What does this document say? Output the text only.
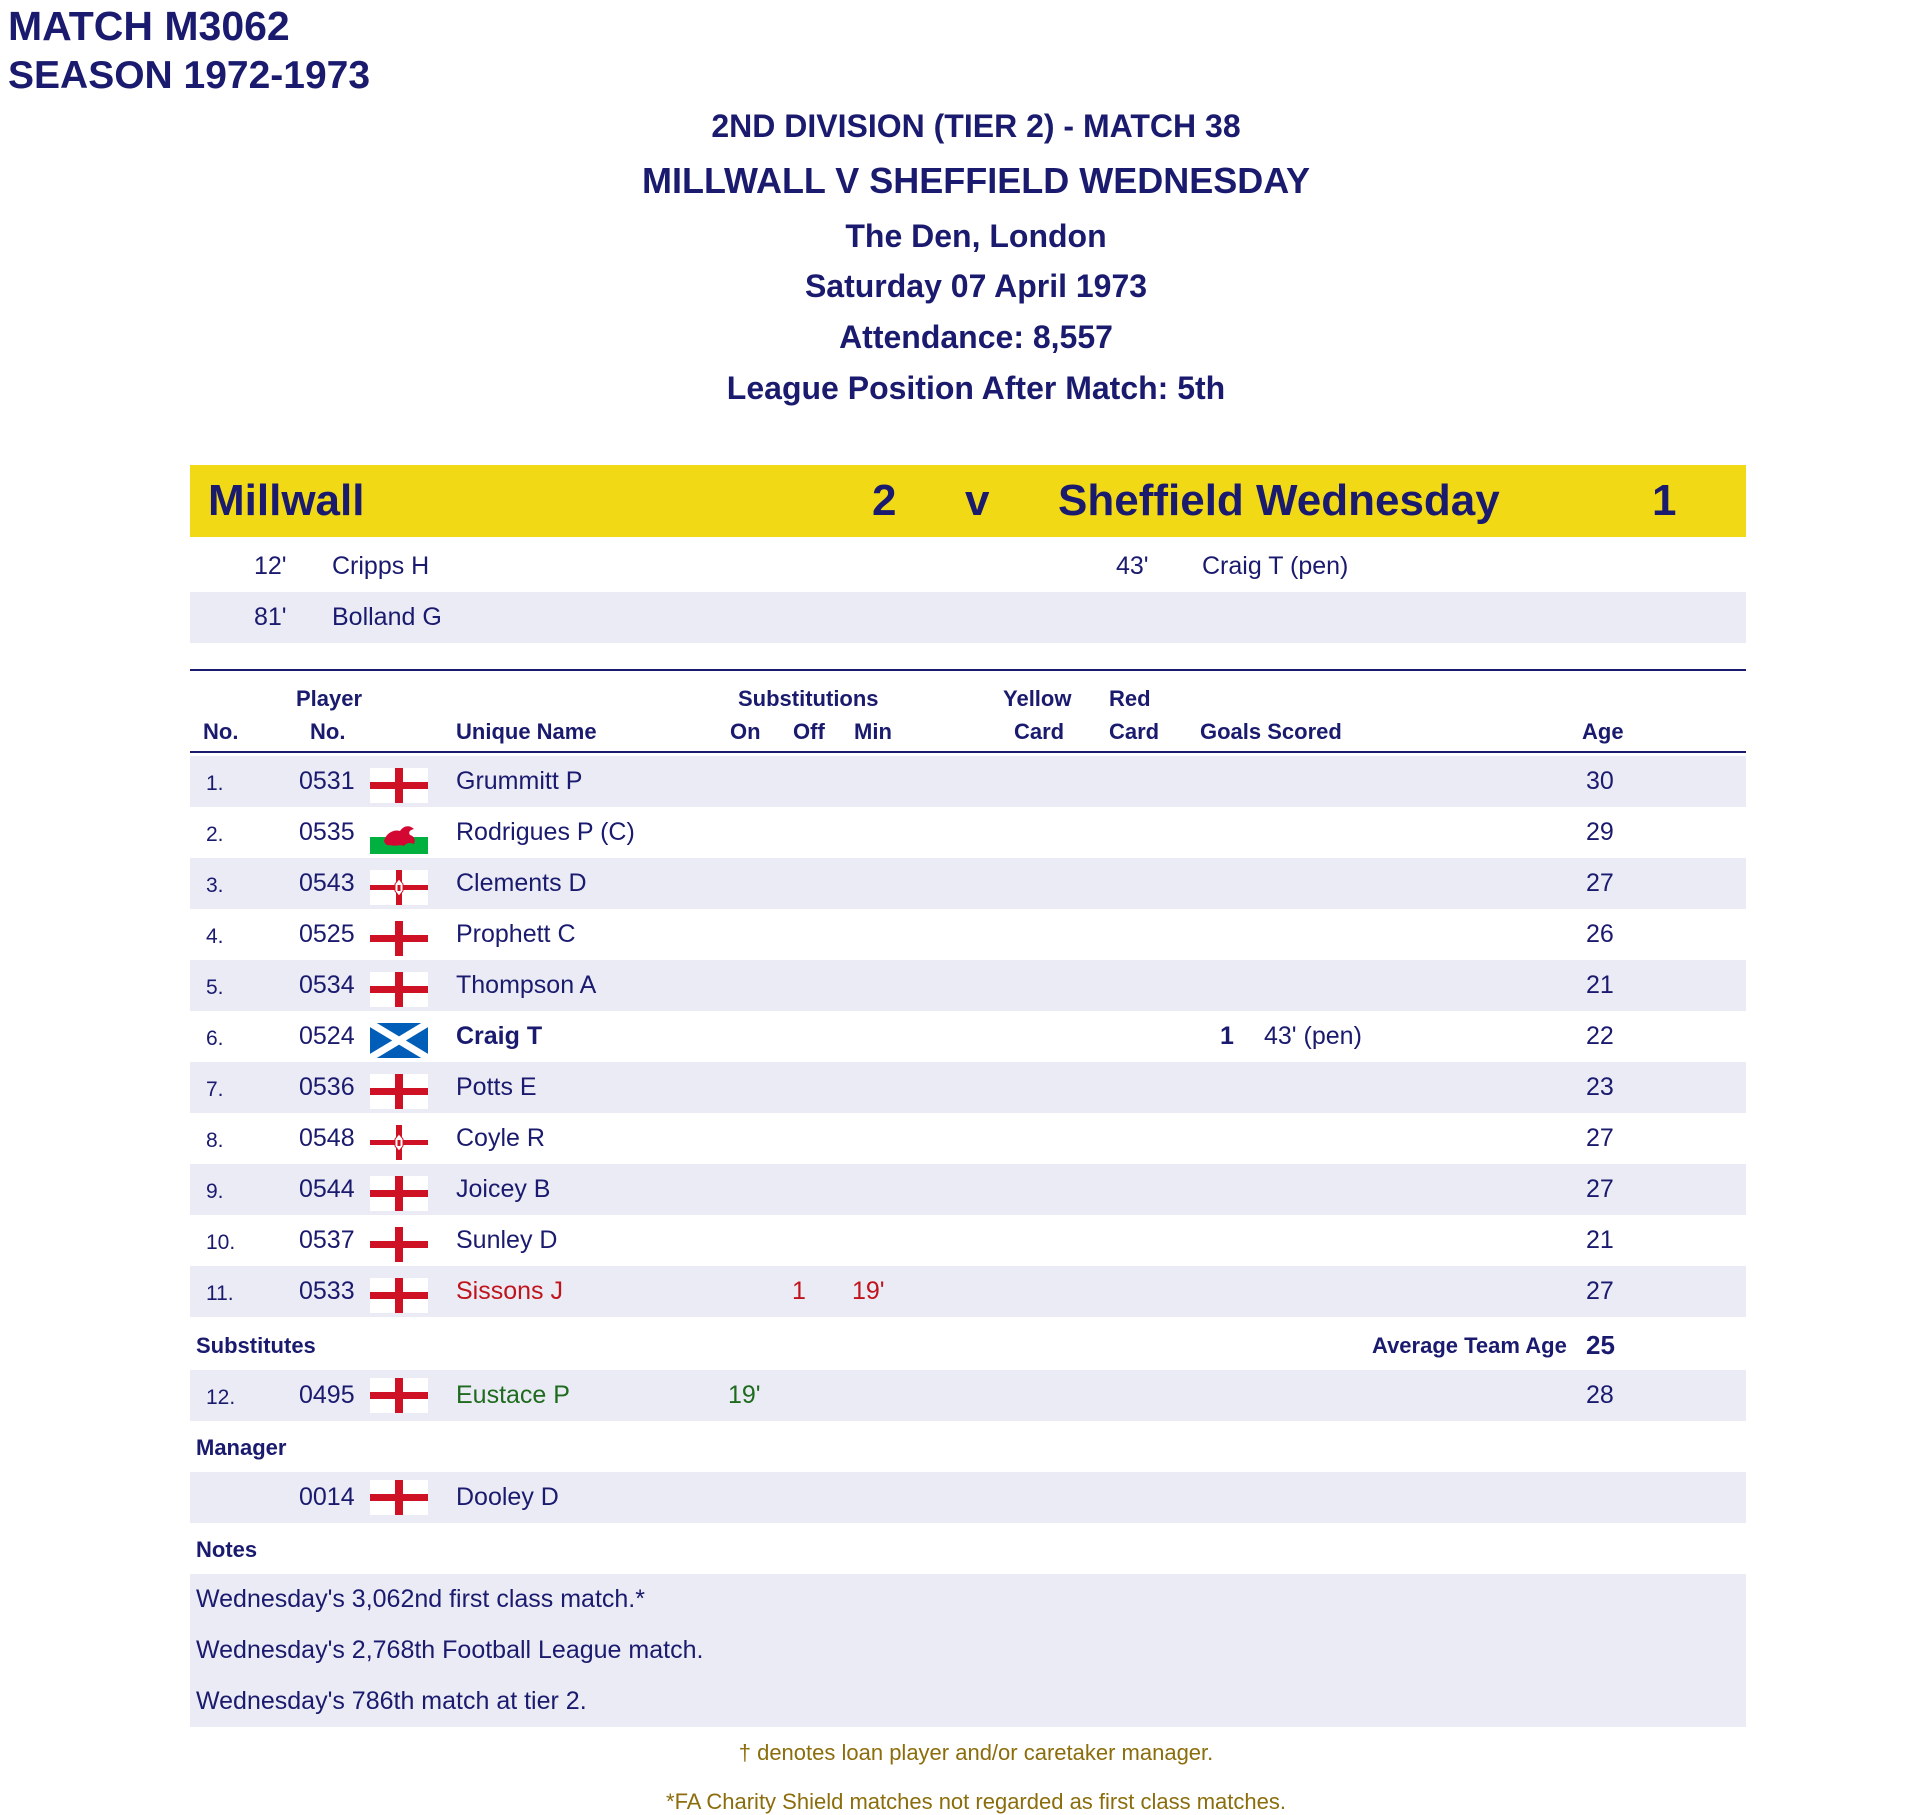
MATCH M3062
SEASON 1972-1973
2ND DIVISION (TIER 2) - MATCH 38
MILLWALL V SHEFFIELD WEDNESDAY
The Den, London
Saturday 07 April 1973
Attendance: 8,557
League Position After Match: 5th
Millwall	2 v Sheffield Wednesday	1
12' Cripps H	43' Craig T (pen)
81' Bolland G
No.
Player
No.	Unique Name
Substitutions
On Off Min
Yellow
Card
Red
Card Goals Scored	Age
1.	0531	Grummitt P	30
2.	0535	Rodrigues P (C)	29
3.	0543	Clements D	27
4.	0525	Prophett C	26
5.	0534	Thompson A	21
6.	0524	Craig T	1 43' (pen)	22
7.	0536	Potts E	23
8.	0548	Coyle R	27
9.	0544	Joicey B	27
10.	0537	Sunley D	21
11.	0533	Sissons J	1 19'	27
Substitutes	Average Team Age 25
12.	0495	Eustace P	19'	28
Manager
0014	Dooley D
Notes
Wednesday's 3,062nd first class match.*
Wednesday's 2,768th Football League match.
Wednesday's 786th match at tier 2.
† denotes loan player and/or caretaker manager.
*FA Charity Shield matches not regarded as first class matches.
